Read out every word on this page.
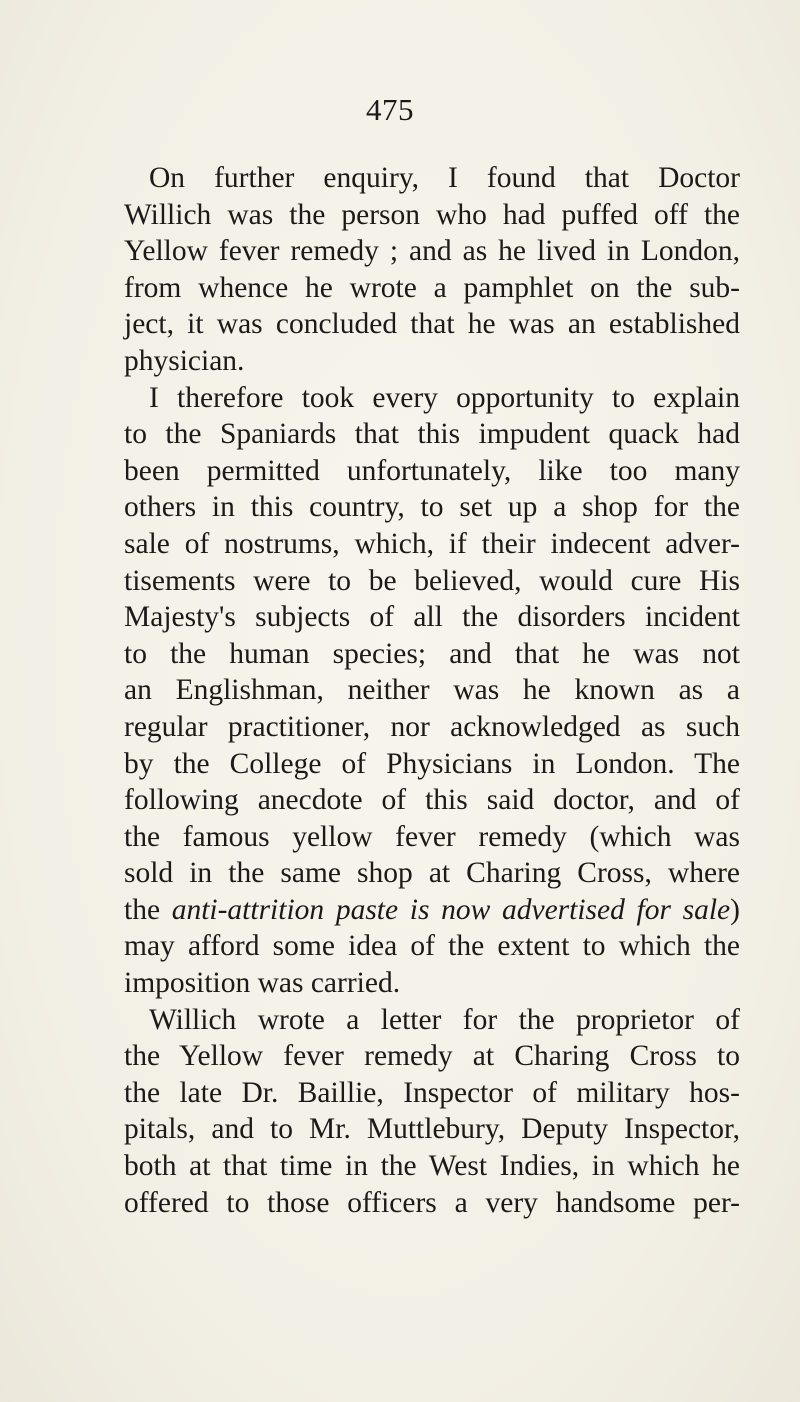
475
On further enquiry, I found that Doctor
Willich was the person who had puffed off the
Yellow fever remedy ; and as he lived in London,
from whence he wrote a pamphlet on the sub-
ject, it was concluded that he was an established
physician.
I therefore took every opportunity to explain
to the Spaniards that this impudent quack had
been permitted unfortunately, like too many
others in this country, to set up a shop for the
sale of nostrums, which, if their indecent adver-
tisements were to be believed, would cure His
Majesty's subjects of all the disorders incident
to the human species; and that he was not
an Englishman, neither was he known as a
regular practitioner, nor acknowledged as such
by the College of Physicians in London. The
following anecdote of this said doctor, and of
the famous yellow fever remedy (which was
sold in the same shop at Charing Cross, where
the anti-attrition paste is now advertised for sale)
may afford some idea of the extent to which the
imposition was carried.
Willich wrote a letter for the proprietor of
the Yellow fever remedy at Charing Cross to
the late Dr. Baillie, Inspector of military hos-
pitals, and to Mr. Muttlebury, Deputy Inspector,
both at that time in the West Indies, in which he
offered to those officers a very handsome per-
